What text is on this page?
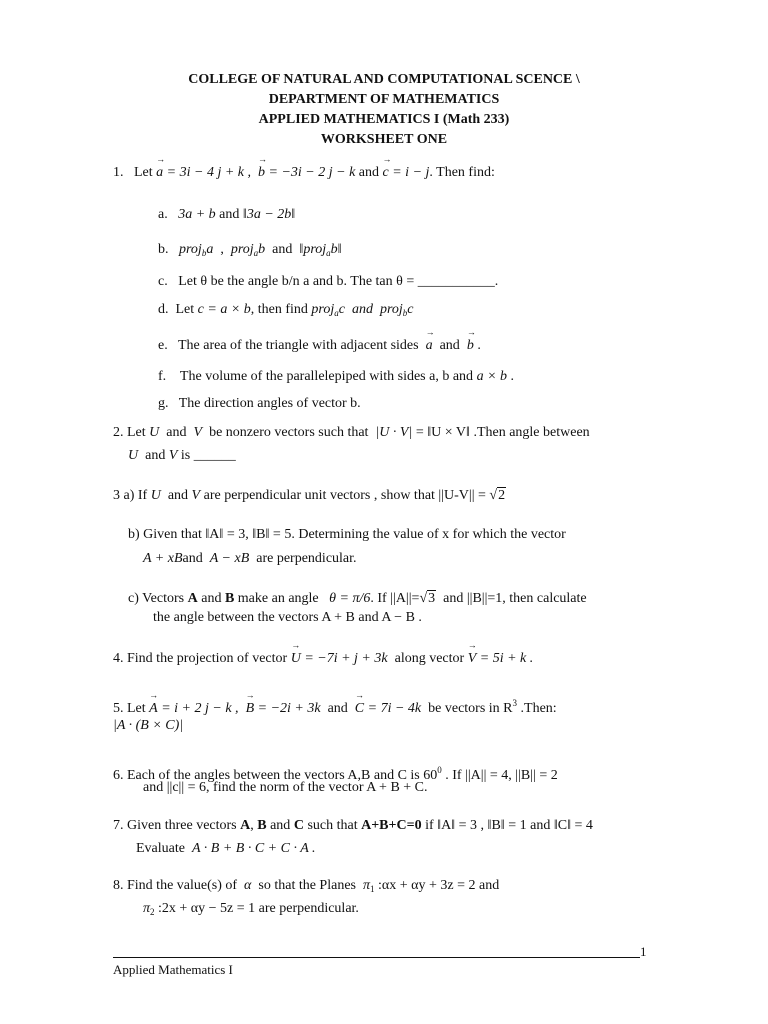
COLLEGE OF NATURAL AND COMPUTATIONAL SCENCE \
DEPARTMENT OF MATHEMATICS
APPLIED MATHEMATICS I (Math 233)
WORKSHEET ONE
1. Let → a = 3i − 4 j + k , → b = −3i − 2 j − k and → c = i − j. Then find:
a. 3a + b and ‖3a − 2b‖
b. proj$_b$a  ,  proj$_a$b  and  ‖proj$_a$b‖
c. Let θ be the angle b/n a and b. The tan θ = ___________.
d. Let c = a × b, then find proj$_a$c  and proj$_b$c
e. The area of the triangle with adjacent sides → a  and  → b .
f. The volume of the parallelepiped with sides a, b and a × b .
g. The direction angles of vector b.
2. Let U and V be nonzero vectors such that |U · V| = ‖U × V‖ .Then angle between
U and V is ______
3 a) If U  and V are perpendicular unit vectors , show that ||U-V|| = √2
b) Given that ‖A‖ = 3, ‖B‖ = 5. Determining the value of x for which the vector
A + xBand  A − xB are perpendicular.
c) Vectors A and B make an angle θ = π/6. If ||A||=√3 and ||B||=1, then calculate
the angle between the vectors A + B and A − B .
4. Find the projection of vector → U = −7i + j + 3k along vector → V = 5i + k .
5. Let → A = i + 2 j − k , → B = −2i + 3k  and  → C = 7i − 4k be vectors in $R^3$ .Then:
|A · (B × C)|
6. Each of the angles between the vectors A,B and C is $60^0$ . If ||A|| = 4, ||B|| = 2
and ||c|| = 6, find the norm of the vector A + B + C.
7. Given three vectors A, B and C such that A+B+C=0 if ‖A‖ = 3 , ‖B‖ = 1 and ‖C‖ = 4
Evaluate A · B + B · C + C · A .
8. Find the value(s) of α so that the Planes $\pi_1$ :αx + αy + 3z = 2 and
$\pi_2$ :2x + αy − 5z = 1 are perpendicular.
1
Applied Mathematics I
